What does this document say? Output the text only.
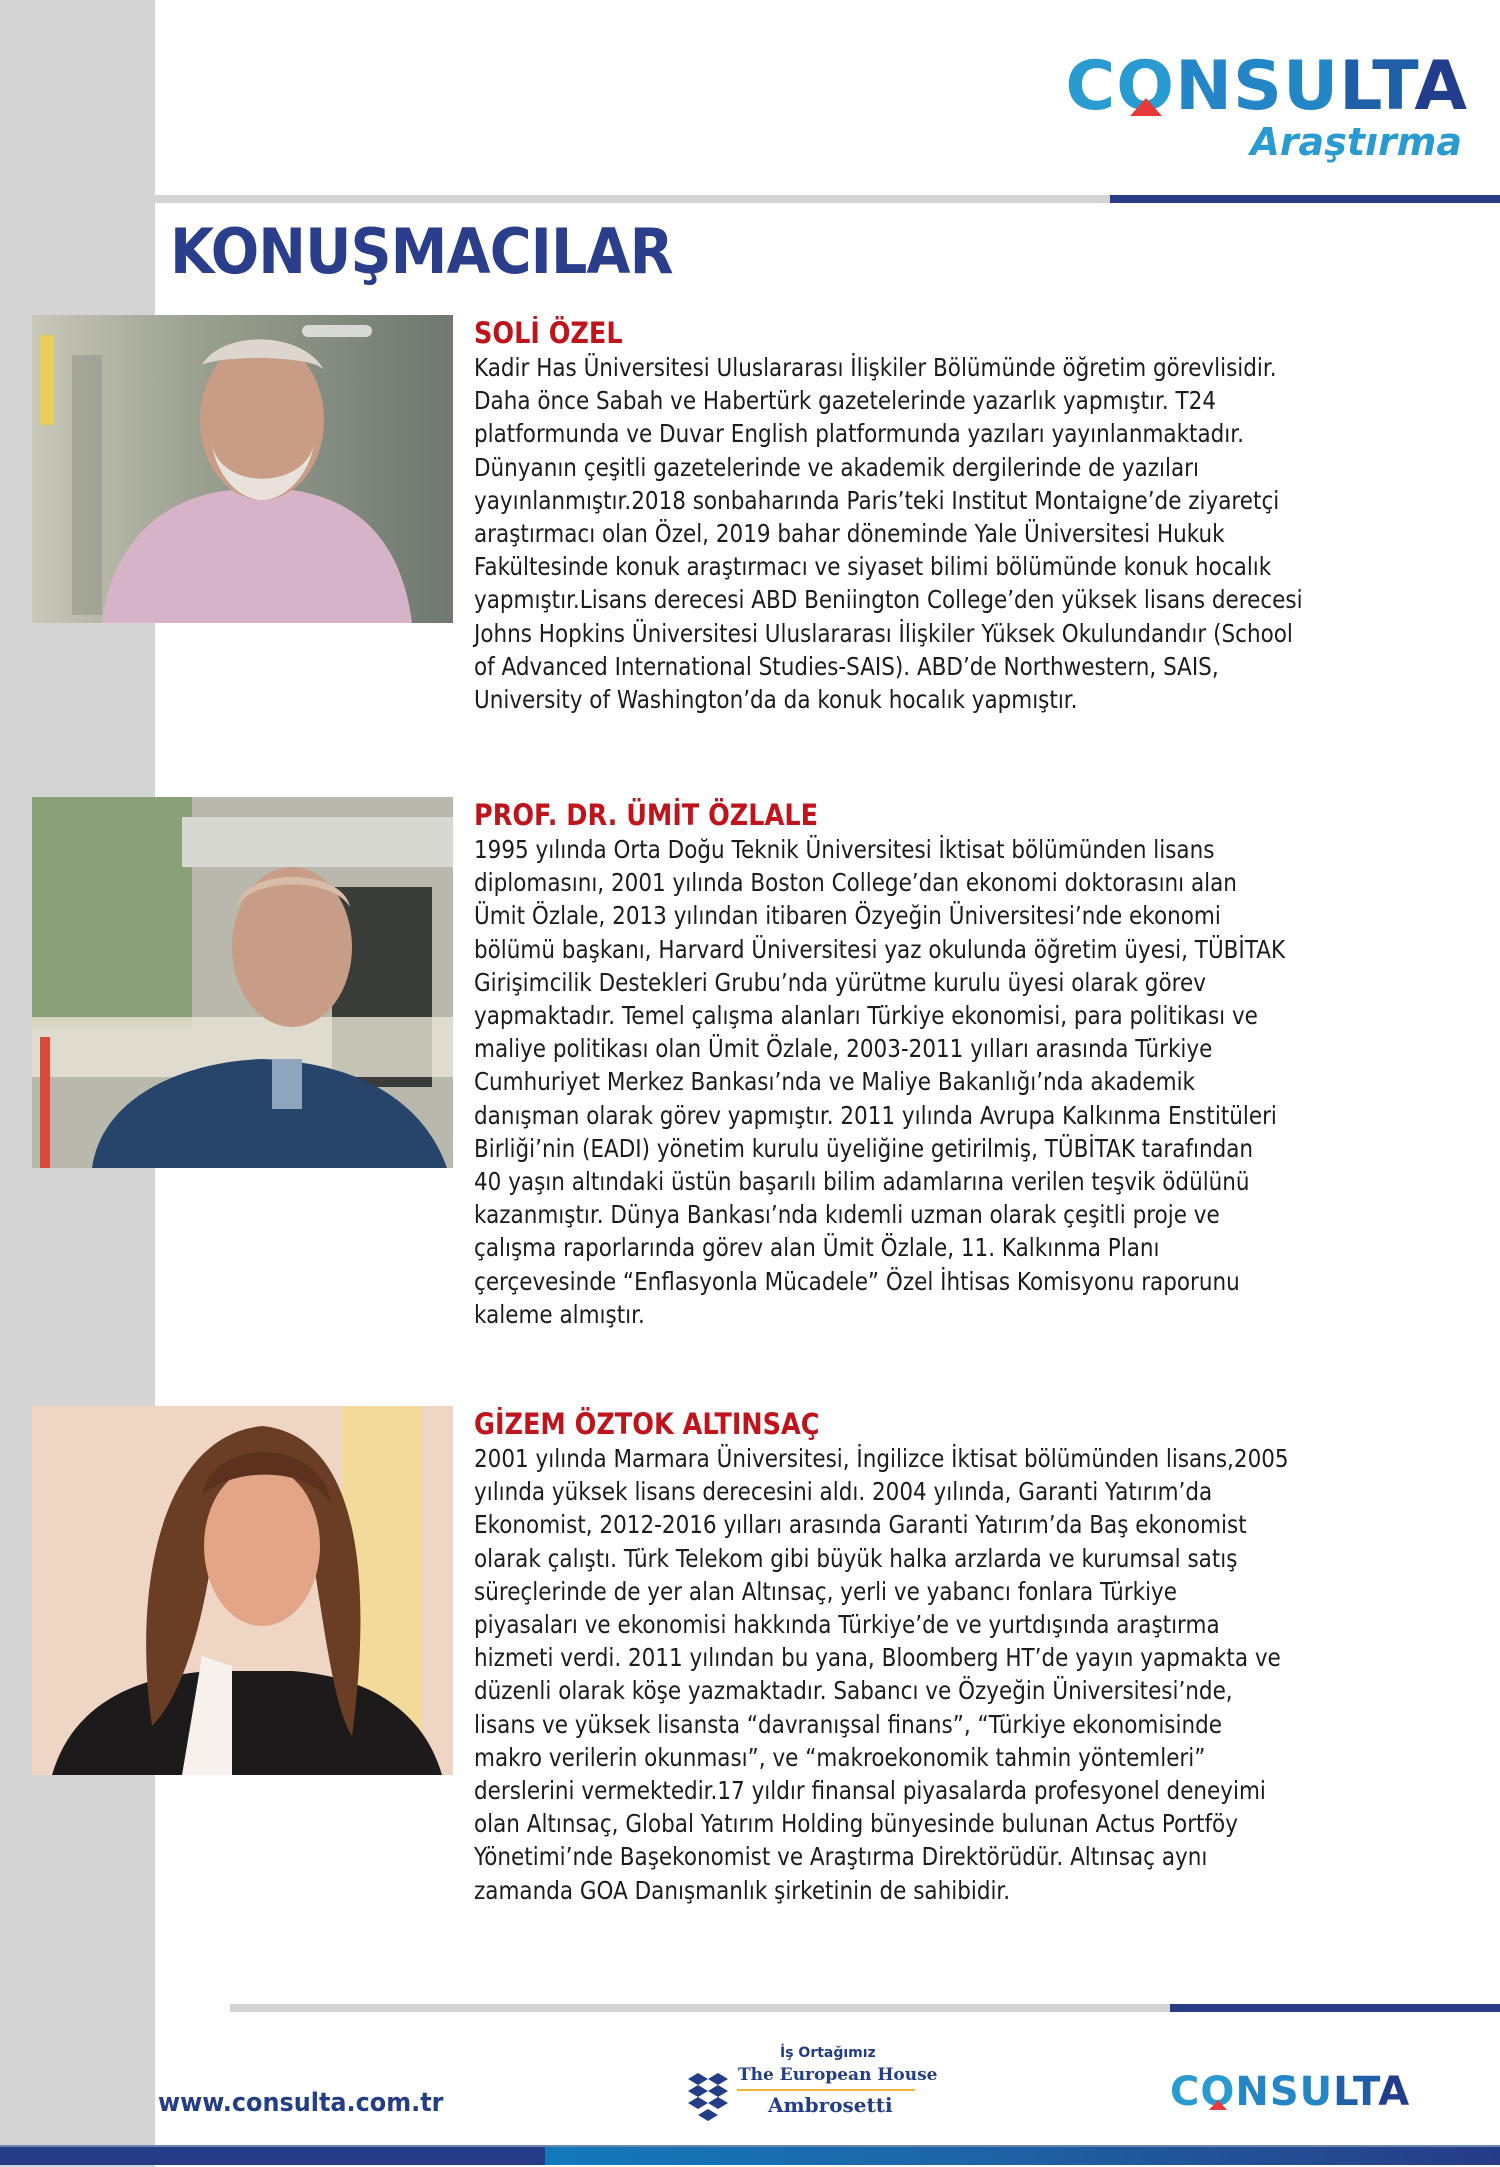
CO
NSULTA
Araştırma
KONUŞMACILAR
SOLİ ÖZEL
Kadir Has Üniversitesi Uluslararası İlişkiler Bölümünde öğretim görevlisidir.
Daha önce Sabah ve Habertürk gazetelerinde yazarlık yapmıştır. T24
platformunda ve Duvar English platformunda yazıları yayınlanmaktadır.
Dünyanın çeşitli gazetelerinde ve akademik dergilerinde de yazıları
yayınlanmıştır.2018 sonbaharında Paris’teki Institut Montaigne’de ziyaretçi
araştırmacı olan Özel, 2019 bahar döneminde Yale Üniversitesi Hukuk
Fakültesinde konuk araştırmacı ve siyaset bilimi bölümünde konuk hocalık
yapmıştır.Lisans derecesi ABD Beniington College’den yüksek lisans derecesi
Johns Hopkins Üniversitesi Uluslararası İlişkiler Yüksek Okulundandır (School
of Advanced International Studies-SAIS). ABD’de Northwestern, SAIS,
University of Washington’da da konuk hocalık yapmıştır.
PROF. DR. ÜMİT ÖZLALE
1995 yılında Orta Doğu Teknik Üniversitesi İktisat bölümünden lisans
diplomasını, 2001 yılında Boston College’dan ekonomi doktorasını alan
Ümit Özlale, 2013 yılından itibaren Özyeğin Üniversitesi’nde ekonomi
bölümü başkanı, Harvard Üniversitesi yaz okulunda öğretim üyesi, TÜBİTAK
Girişimcilik Destekleri Grubu’nda yürütme kurulu üyesi olarak görev
yapmaktadır. Temel çalışma alanları Türkiye ekonomisi, para politikası ve
maliye politikası olan Ümit Özlale, 2003-2011 yılları arasında Türkiye
Cumhuriyet Merkez Bankası’nda ve Maliye Bakanlığı’nda akademik
danışman olarak görev yapmıştır. 2011 yılında Avrupa Kalkınma Enstitüleri
Birliği’nin (EADI) yönetim kurulu üyeliğine getirilmiş, TÜBİTAK tarafından
40 yaşın altındaki üstün başarılı bilim adamlarına verilen teşvik ödülünü
kazanmıştır. Dünya Bankası’nda kıdemli uzman olarak çeşitli proje ve
çalışma raporlarında görev alan Ümit Özlale, 11. Kalkınma Planı
çerçevesinde “Enflasyonla Mücadele” Özel İhtisas Komisyonu raporunu
kaleme almıştır.
GİZEM ÖZTOK ALTINSAÇ
2001 yılında Marmara Üniversitesi, İngilizce İktisat bölümünden lisans,2005
yılında yüksek lisans derecesini aldı. 2004 yılında, Garanti Yatırım’da
Ekonomist, 2012-2016 yılları arasında Garanti Yatırım’da Baş ekonomist
olarak çalıştı. Türk Telekom gibi büyük halka arzlarda ve kurumsal satış
süreçlerinde de yer alan Altınsaç, yerli ve yabancı fonlara Türkiye
piyasaları ve ekonomisi hakkında Türkiye’de ve yurtdışında araştırma
hizmeti verdi. 2011 yılından bu yana, Bloomberg HT’de yayın yapmakta ve
düzenli olarak köşe yazmaktadır. Sabancı ve Özyeğin Üniversitesi’nde,
lisans ve yüksek lisansta “davranışsal finans”, “Türkiye ekonomisinde
makro verilerin okunması”, ve “makroekonomik tahmin yöntemleri”
derslerini vermektedir.17 yıldır finansal piyasalarda profesyonel deneyimi
olan Altınsaç, Global Yatırım Holding bünyesinde bulunan Actus Portföy
Yönetimi’nde Başekonomist ve Araştırma Direktörüdür. Altınsaç aynı
zamanda GOA Danışmanlık şirketinin de sahibidir.
www.consulta.com.tr
İş Ortağımız
The European House
Ambrosetti	CO
NSULTA
